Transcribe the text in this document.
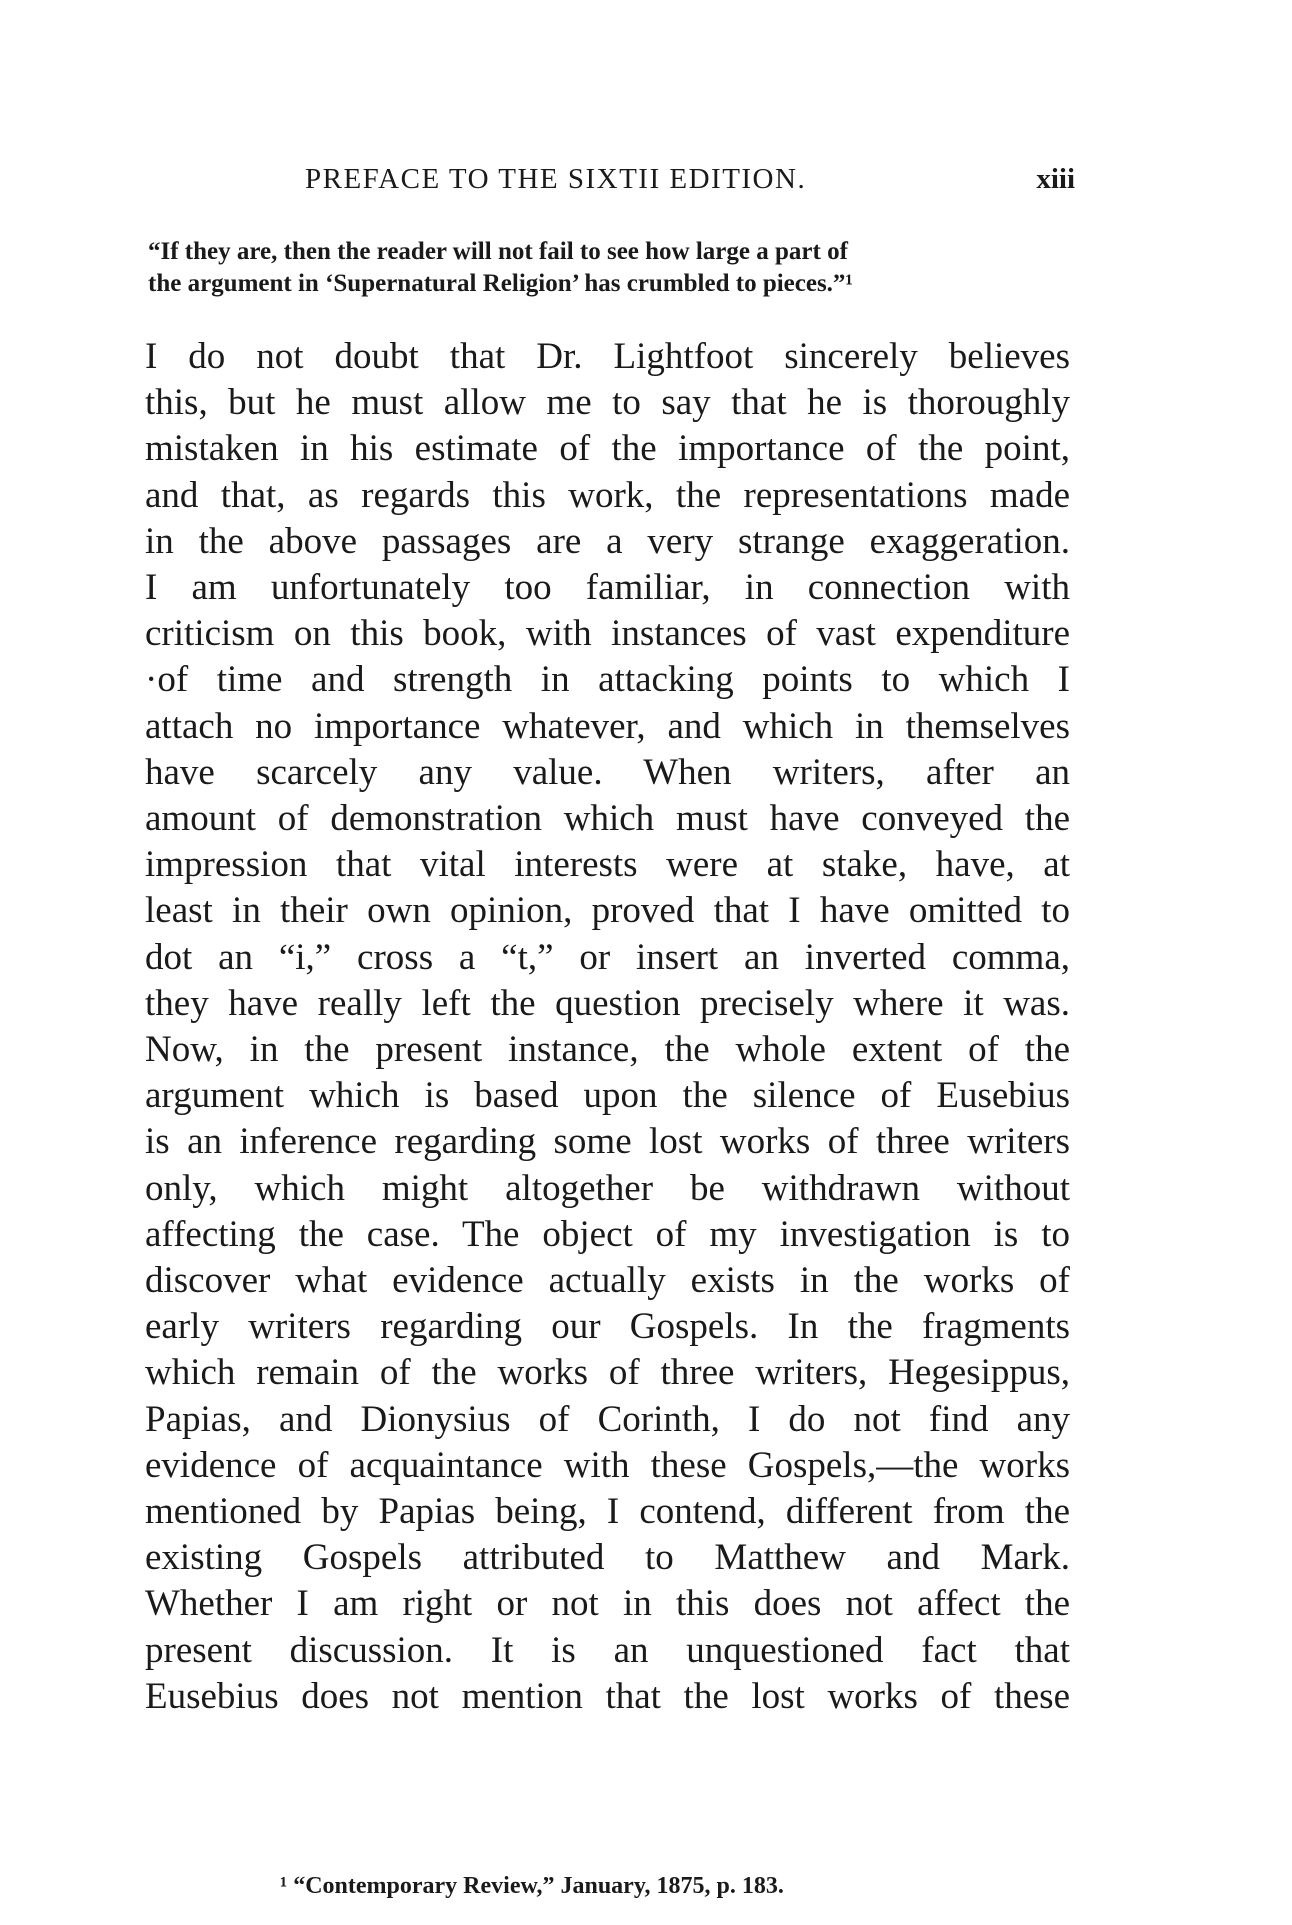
PREFACE TO THE SIXTII EDITION.	xiii
“If they are, then the reader will not fail to see how large a part of
the argument in ‘Supernatural Religion’ has crumbled to pieces.”¹
I do not doubt that Dr. Lightfoot sincerely believes
this, but he must allow me to say that he is thoroughly
mistaken in his estimate of the importance of the point,
and that, as regards this work, the representations made
in the above passages are a very strange exaggeration.
I am unfortunately too familiar, in connection with
criticism on this book, with instances of vast expenditure
·of time and strength in attacking points to which I
attach no importance whatever, and which in themselves
have scarcely any value. When writers, after an
amount of demonstration which must have conveyed the
impression that vital interests were at stake, have, at
least in their own opinion, proved that I have omitted to
dot an “i,” cross a “t,” or insert an inverted comma,
they have really left the question precisely where it was.
Now, in the present instance, the whole extent of the
argument which is based upon the silence of Eusebius
is an inference regarding some lost works of three writers
only, which might altogether be withdrawn without
affecting the case. The object of my investigation is to
discover what evidence actually exists in the works of
early writers regarding our Gospels. In the fragments
which remain of the works of three writers, Hegesippus,
Papias, and Dionysius of Corinth, I do not find any
evidence of acquaintance with these Gospels,—the works
mentioned by Papias being, I contend, different from the
existing Gospels attributed to Matthew and Mark.
Whether I am right or not in this does not affect the
present discussion. It is an unquestioned fact that
Eusebius does not mention that the lost works of these
¹ “Contemporary Review,” January, 1875, p. 183.
